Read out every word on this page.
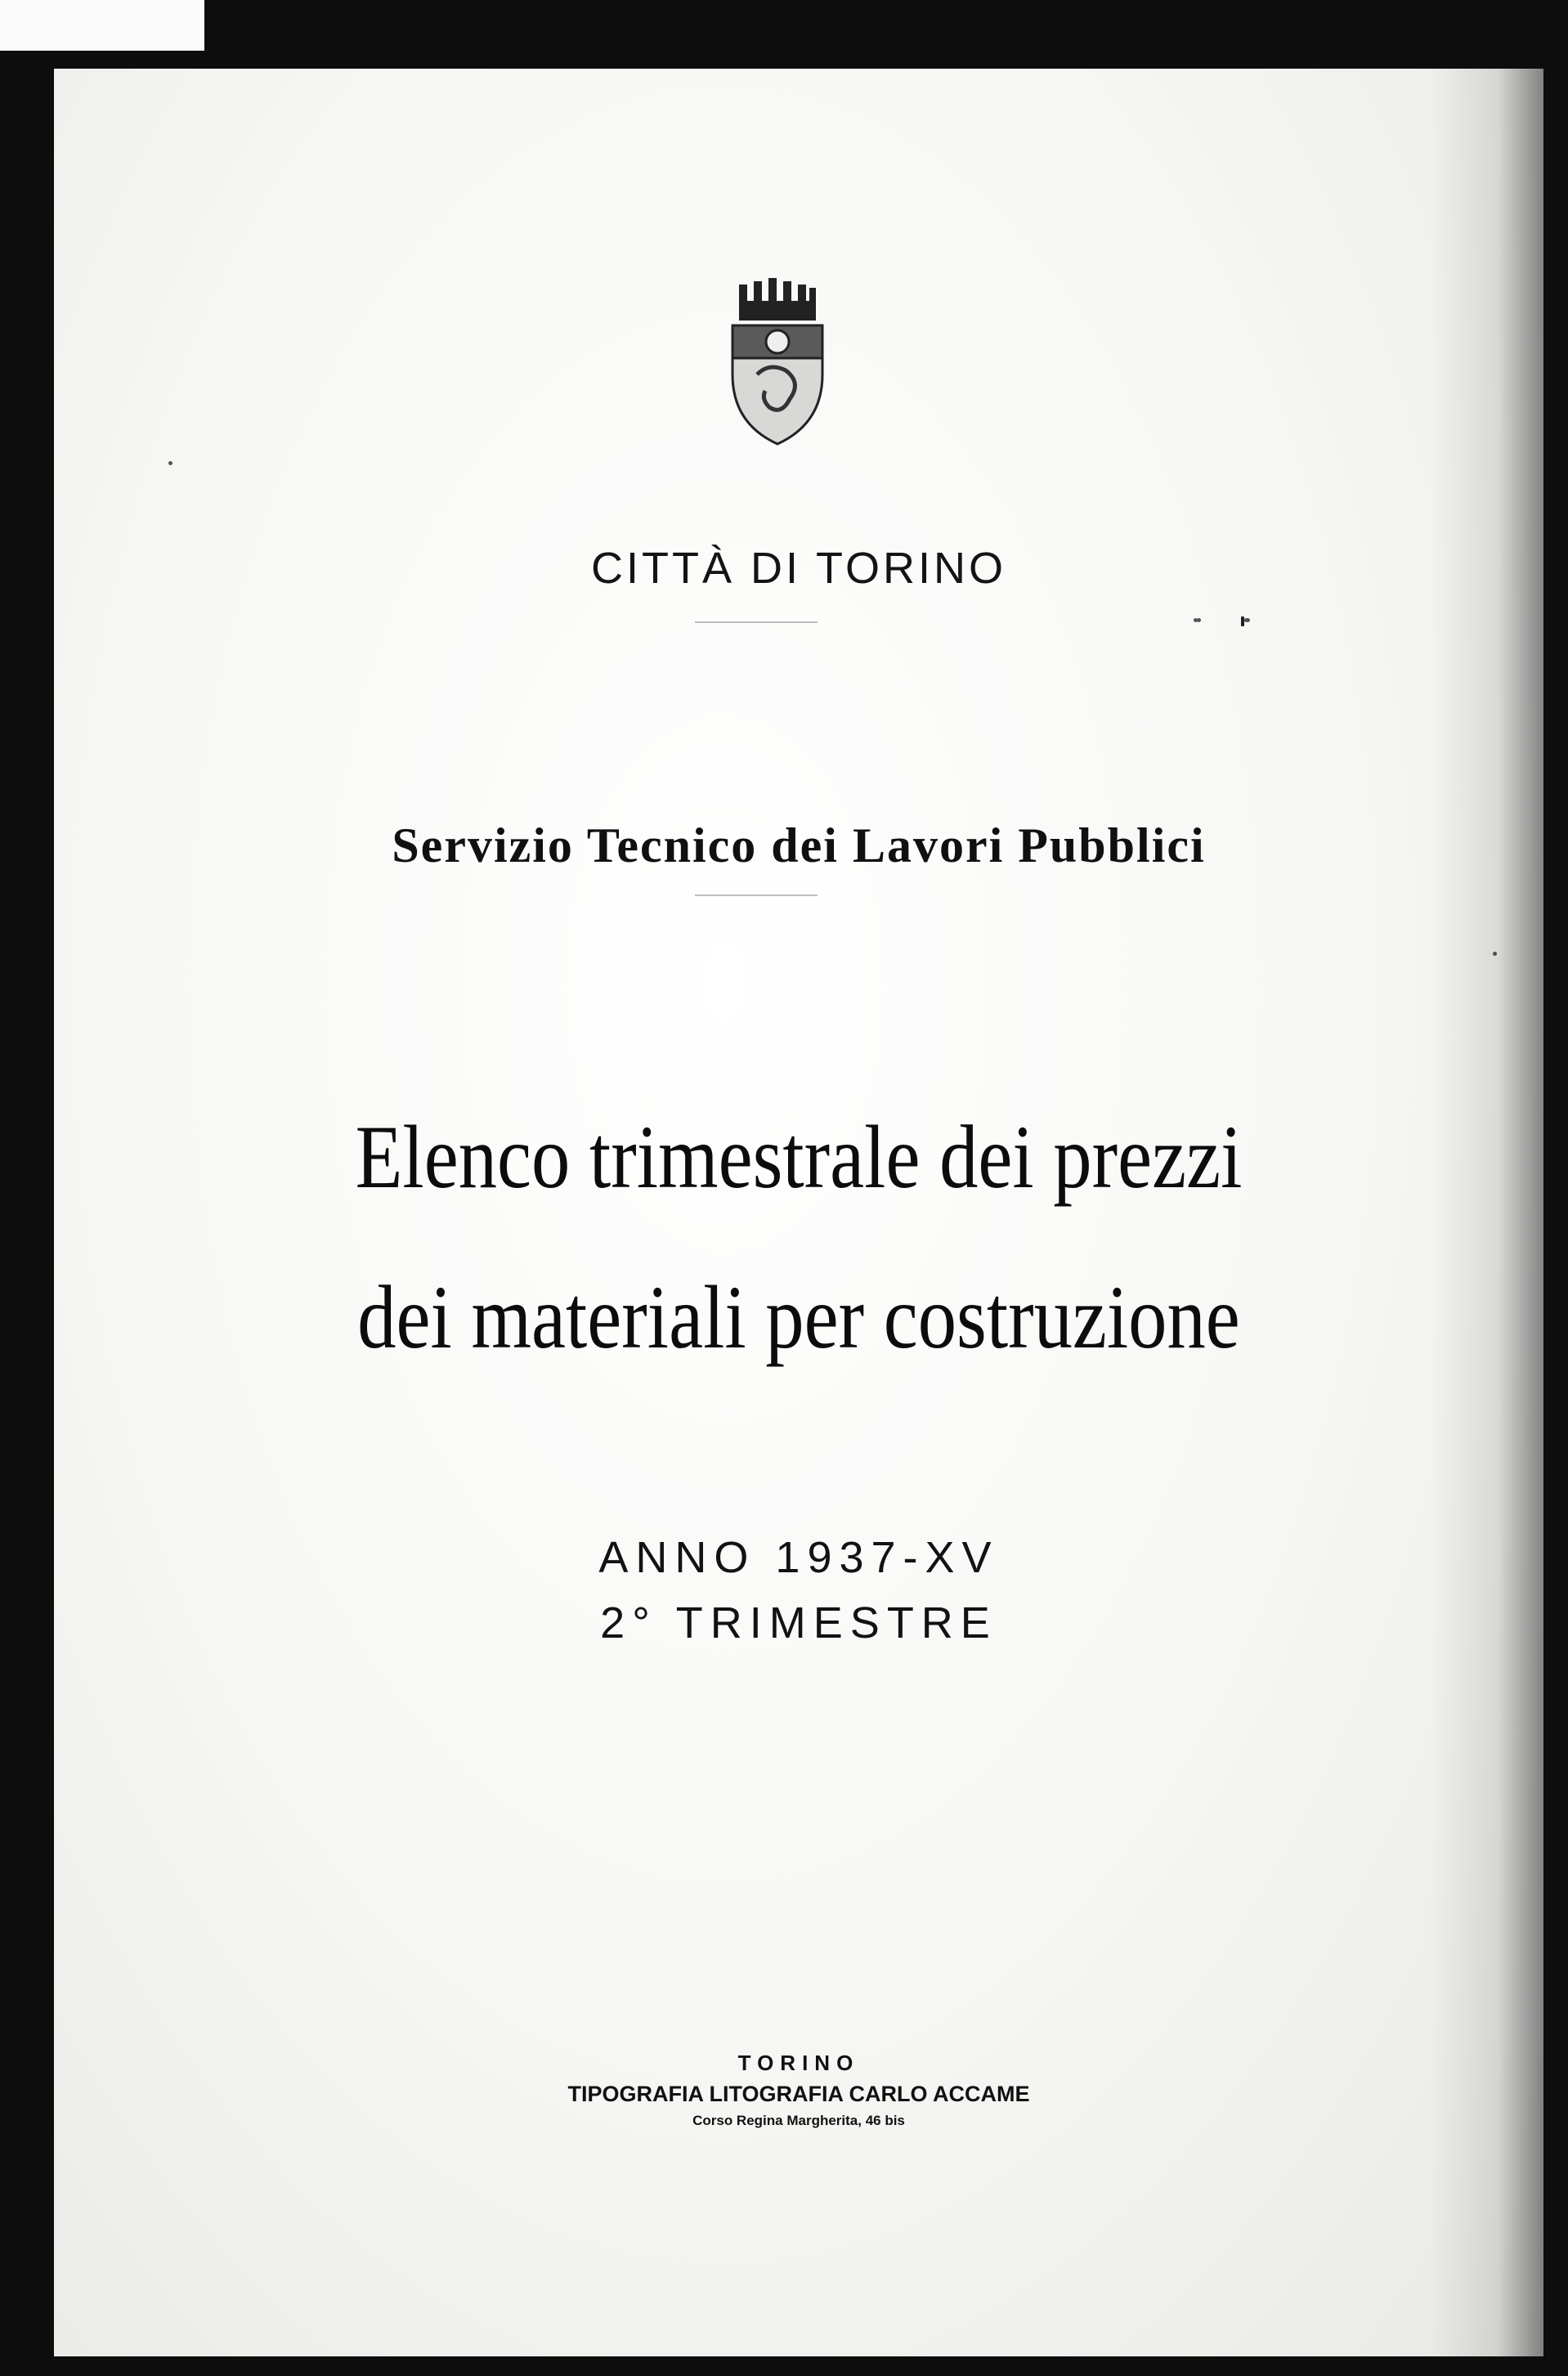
CITTÀ DI TORINO
Servizio Tecnico dei Lavori Pubblici
Elenco trimestrale dei prezzi
dei materiali per costruzione
ANNO 1937-XV
2° TRIMESTRE
TORINO
TIPOGRAFIA LITOGRAFIA CARLO ACCAME
Corso Regina Margherita, 46 bis
